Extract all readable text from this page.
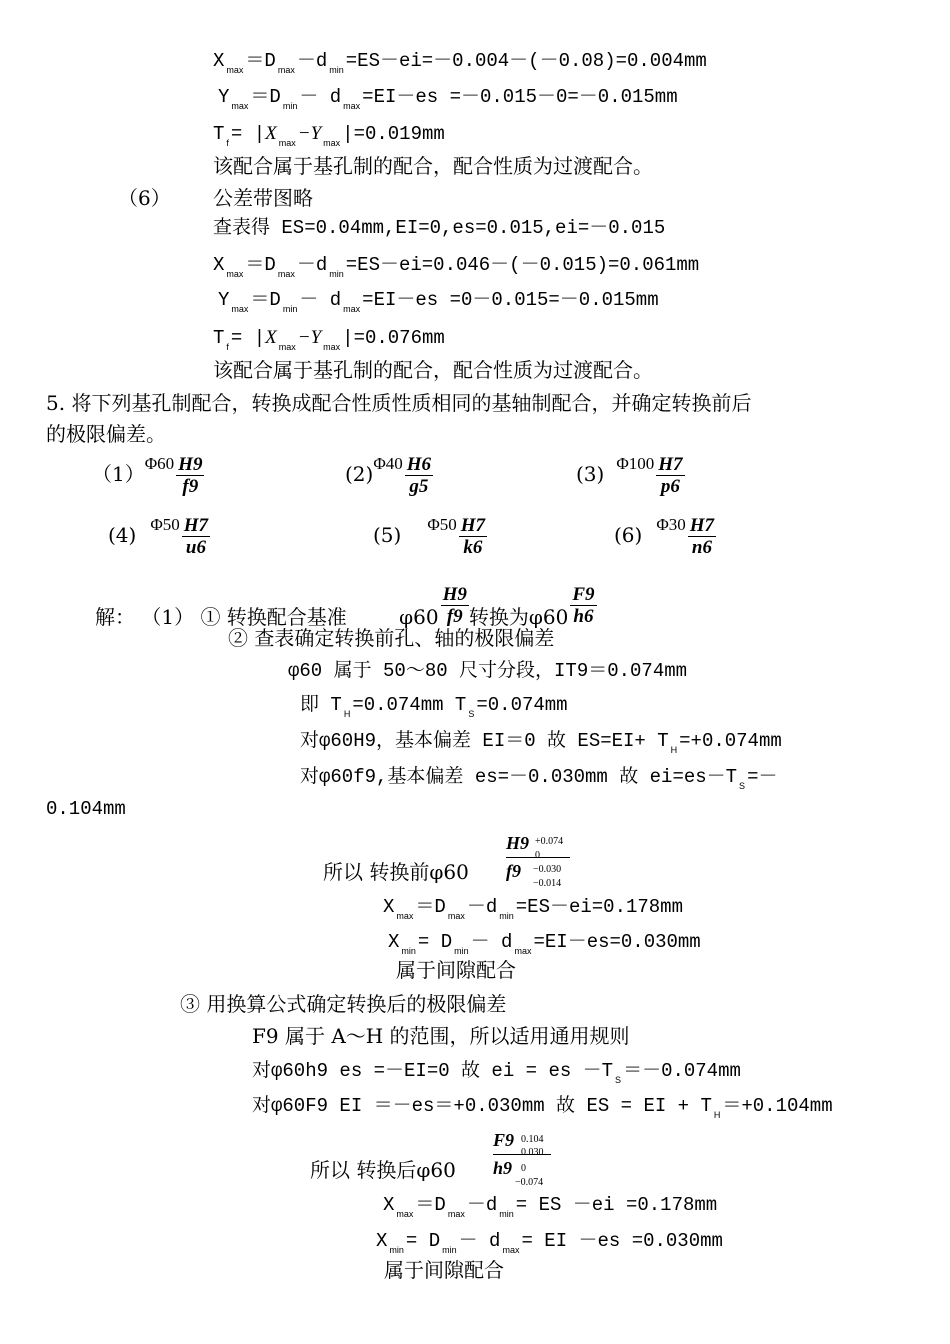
X $_{max}$ ＝D $_{max}$ －d $_{min}$ =ES－ei=－0.004－(－0.08)=0.004mm
Y $_{max}$ ＝D $_{min}$ － d $_{max}$ =EI－es =－0.015－0=－0.015mm
T $_f$ = |X $_{max}$ −Y $_{max}$ |=0.019mm
该配合属于基孔制的配合，配合性质为过渡配合。
（6） 公差带图略
查表得 ES=0.04mm,EI=0,es=0.015,ei=－0.015
X $_{max}$ ＝D $_{max}$ －d $_{min}$ =ES－ei=0.046－(－0.015)=0.061mm
Y $_{max}$ ＝D $_{min}$ － d $_{max}$ =EI－es =0－0.015=－0.015mm
T $_f$ = |X $_{max}$ −Y $_{max}$ |=0.076mm
该配合属于基孔制的配合，配合性质为过渡配合。
5. 将下列基孔制配合，转换成配合性质性质相同的基轴制配合，并确定转换前后
的极限偏差。
$(1)^{\Phi 60} \frac{H9}{f9}$	$(2)^{\Phi 40} \frac{H6}{g5}$	(3) $^{\Phi 100} \frac{H7}{p6}$
(4) $^{\Phi 50} \frac{H7}{u6}$	(5) $^{\Phi 50} \frac{H7}{k6}$	(6) $^{\Phi 30} \frac{H7}{n6}$
解： （1） ① 转换配合基准	$\varphi 60 \frac{H9}{f9}$ 转换为$\varphi 60 \frac{F9}{h6}$
② 查表确定转换前孔、轴的极限偏差
φ60 属于 50～80 尺寸分段，IT9＝0.074mm
即 T $_H$ =0.074mm T $_S$ =0.074mm
对φ60H9，基本偏差 EI＝0 故 ES=EI+ T $_H$ =+0.074mm
对φ60f9,基本偏差 es=－0.030mm 故 ei=es－T $_S$ =－
0.104mm
所以 转换前φ60
H9 +0.074
0
f9 −0.030
−0.014
X $_{max}$ ＝D $_{max}$ －d $_{min}$ =ES－ei=0.178mm
X $_{min}$ = D $_{min}$ － d $_{max}$ =EI－es=0.030mm
属于间隙配合
③ 用换算公式确定转换后的极限偏差
F9 属于 A～H 的范围，所以适用通用规则
对φ60h9 es =－EI=0 故 ei = es －T $_S$ ＝－0.074mm
对φ60F9 EI ＝－es＝+0.030mm 故 ES = EI + T $_H$ ＝+0.104mm
所以 转换后φ60
F9 0.104
0.030
h9 0
−0.074
X $_{max}$ ＝D $_{max}$ －d $_{min}$ = ES －ei =0.178mm
X $_{min}$ = D $_{min}$ － d $_{max}$ = EI －es =0.030mm
属于间隙配合
